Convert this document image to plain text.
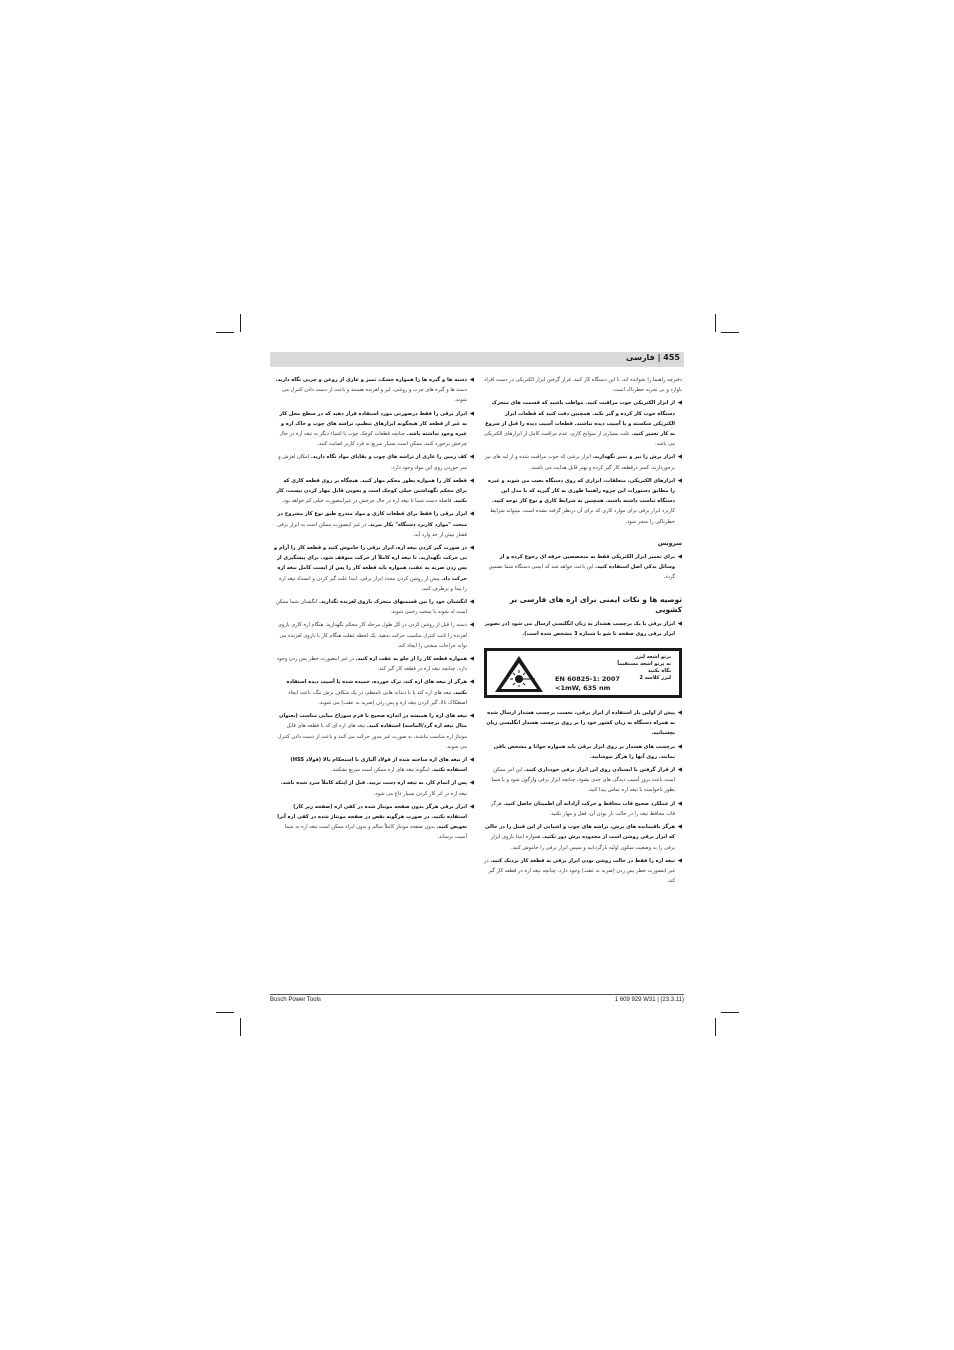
455 | فارسی
دفترچه راهنما را نخوانده اند، با این دستگاه کار کنند. قرار گرفتن ابزار الکتریکی در دست افراد ناوارد و بی تجربه خطرناک است.
◀
از ابزار الکتریکی خوب مراقبت کنید. مواظب باشید که قسمت های متحرک دستگاه خوب کار کرده و گیر نکند. همچنین دقت کنید که قطعات ابزار الکتریکی شکسته و یا آسیب دیده نباشند. قطعات آسیب دیده را قبل از شروع به کار تعمیر کنید. علت بسیاری از سوانح کاری، عدم مراقبت کامل از ابزارهای الکتریکی می باشد.
◀
ابزار برش را تیز و تمیز نگهدارید. ابزار برشی که خوب مراقبت شده و از لبه های تیز برخوردارند، کمتر درقطعه کار گیر کرده و بهتر قابل هدایت می باشند.
◀
ابزارهای الکتریکی، متعلقات، ابزاری که روی دستگاه نصب می شوند و غیره را مطابق دستورات این جزوه راهنما طوری به کار گیرید که با مدل این دستگاه تناسب داشته باشند. همچنین به شرایط کاری و نوع کار توجه کنید. کاربرد ابزار برقی برای موارد کاری که برای آن درنظر گرفته نشده است، میتواند شرایط خطرناکی را منجر شود.
سرویس
◀
برای تعمیر ابزار الکتریکی فقط به متخصصین حرفه ای رجوع کرده و از وسائل یدکی اصل استفاده کنید. این باعث خواهد شد که ایمنی دستگاه شما تضمین گردد.
توصیه ها و نکات ایمنی برای اره های فارسی بر کشویی
◀
ابزار برقی با یک برچسب هشدار به زبان انگلیسی ارسال می شود (در تصویر ابزار برقی روی صفحه نا شو با شماره 3 مشخص شده است).
پرتو اشعه لیزر
به پرتو اشعه مستقیماً
نگاه نکنید
لیزر کلاسه 2
EN 60825-1: 2007
<1mW, 635 nm
◀
پیش از اولین بار استفاده از ابزار برقی، نخست برچسب هشدار ارسال شده به همراه دستگاه به زبان کشور خود را بر روی برچسب هشدار انگلیسی زبان بچسبانید.
◀
برچسب های هشدار بر روی ابزار برقی باید همواره خوانا و مشخص باقی بمانند. روی آنها را هرگز نپوشانید.
◀
از قرار گرفتن یا ایستادن روی این ابزار برقی خودداری کنید. این امر ممکن است باعث بروز آسیب دیدگی های جدی بشود، چنانچه ابزار برقی واژگون شود و یا شما بطور ناخواسته با تیغه اره تماس پیدا کنید.
◀
از عملکرد صحیح قاب محافظ و حرکت آزادانه آن اطمینان حاصل کنید. هرگز قاب محافظ تیغه را در حالت باز بودن آن، قفل و مهار نکنید.
◀
هرگز باقیمانده های برش، تراشه های چوب و اشیایی از این قبیل را در حالی که ابزار برقی روشن است از محدوده برش دور نکنید. همواره ابتدا بازوی ابزار برقی را به وضعیت سکون اولیه بازگردانید و سپس ابزار برقی را خاموش کنید.
◀
تیغه اره را فقط در حالت روشن بودن ابزار برقی به قطعه کار نزدیک کنید. در غیر اینصورت خطر پس زدن (ضربه به عقب) وجود دارد، چنانچه تیغه اره در قطعه کار گیر کند.
◀
دسته ها و گیره ها را همواره خشک، تمیز و عاری از روغن و چربی نگاه دارید. دسته ها و گیره های چرب و روغنی، لیز و لغزنده هستند و باعث از دست دادن کنترل می شوند.
◀
ابزار برقی را فقط درصورتی مورد استفاده قرار دهید که در سطح محل کار به غیر از قطعه کار هیچگونه ابزارهای تنظیم، تراشه های چوب و خاک اره و غیره وجود نداشته باشد. چنانچه قطعات کوچک چوب یا اشیاء دیگر به تیغه اره در حال چرخش برخورد کنند، ممکن است بسیار سریع به فرد کاربر اصابت کنند.
◀
کف زمین را عاری از تراشه های چوب و بقایای مواد نگاه دارید. امکان لغزش و سر خوردن روی این مواد وجود دارد.
◀
قطعه کار را همواره بطور محکم مهار کنید. هیچگاه بر روی قطعه کاری که برای محکم نگهداشتن خیلی کوچک است و بخوبی قابل مهار کردن نیست، کار نکنید. فاصله دست شما تا تیغه اره در حال چرخش در غیراینصورت خیلی کم خواهد بود.
◀
ابزار برقی را فقط برای قطعات کاری و مواد مندرج طبق نوع کار مشروح در مبحث "موارد کاربرد دستگاه" بکار ببرید. در غیر اینصورت ممکن است به ابزار برقی فشار بیش از حد وارد آید.
◀
در صورت گیر کردن تیغه اره، ابزار برقی را خاموش کنید و قطعه کار را آرام و بی حرکت نگهدارید. تا تیغه اره کاملاً از حرکت متوقف شود. برای پیشگیری از پس زدن ضربه به عقب، همواره باید قطعه کار را پس از ایست کامل تیغه اره حرکت داد. پیش از روشن کردن مجدد ابزار برقی، ابتدا علت گیر کردن و انسداد تیغه اره را پیدا و برطرف کنید.
◀
انگشتان خود را بین قسمتهای متحرک بازوی لغزنده نگذارید. انگشتان شما ممکن است له شوند یا سخت زخمی شوند.
◀
دسته را قبل از روشن کردن در کل طول مرحله کار محکم نگهدارید. هنگام اره کاری بازوی لغزنده را ثابت کنترل مناسب حرکت ندهید. یک لحظه غفلت هنگام کار با بازوی لغزنده می تواند جراحات سختی را ایجاد کند.
◀
همواره قطعه کار را از جلو به عقب اره کنید. در غیر اینصورت خطر پس زدن وجود دارد، چنانچه تیغه اره در قطعه کار گیر کند.
◀
هرگز از تیغه های اره کند، ترک خورده، خمیده شده یا آسیب دیده استفاده نکنید. تیغه های اره کند یا با دندانه هایی نامنظم، در یک شکاف برش تنگ، باعث ایجاد اصطکاک بالا، گیر کردن تیغه اره و پس زدن (ضربه به عقب) می شوند.
◀
تیغه های اره را همیشه در اندازه صحیح با فرم سوراخ میانی مناسب (بعنوان مثال تیغه اره گرد/الماسه) استفاده کنید. تیغه های اره ای که با قطعه های قابل مونتاژ اره مناسب نباشند، به صورت غیر مدور حرکت می کنند و باعث از دست دادن کنترل می شوند.
◀
از تیغه های اره ساخته شده از فولاد آلیاژی با استحکام بالا (فولاد HSS) استفاده نکنید. اینگونه تیغه های اره ممکن است سریع بشکنند.
◀
پس از اتمام کار، به تیغه اره دست نزنید. قبل از اینکه کاملاً سرد شده باشد. تیغه اره در اثر کار کردن بسیار داغ می شود.
◀
ابزار برقی هرگز بدون صفحه مونتاژ شده در کفی اره (صفحه زیر کار) استفاده نکنید. در صورت هرگونه نقص در صفحه مونتاژ شده در کفی اره آنرا تعویض کنید. بدون صفحه مونتاژ کاملاً سالم و بدون ایراد ممکن است تیغه اره به شما آسیب برساند.
Bosch Power Tools	1 609 929 W31 | (23.3.11)
